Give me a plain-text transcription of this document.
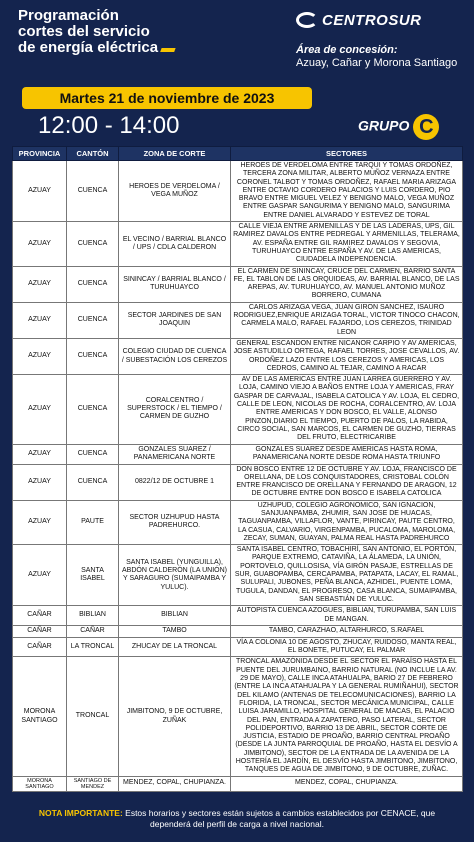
Programación
cortes del servicio
de energía eléctrica
CENTROSUR
Área de concesión:
Azuay, Cañar y Morona Santiago
Martes 21 de noviembre de 2023
12:00 - 14:00	GRUPO C
PROVINCIA	CANTÓN	ZONA DE CORTE	SECTORES
AZUAY	CUENCA	HEROES DE VERDELOMA / VEGA MUÑOZ	HEROES DE VERDELOMA ENTRE TARQUI Y TOMAS ORDOÑEZ, TERCERA ZONA MILITAR, ALBERTO MUÑOZ VERNAZA ENTRE CORONEL TALBOT Y TOMAS ORDOÑEZ, RAFAEL MARIA ARIZAGA ENTRE OCTAVIO CORDERO PALACIOS Y LUIS CORDERO, PIO BRAVO ENTRE MIGUEL VELEZ Y BENIGNO MALO, VEGA MUÑOZ ENTRE GASPAR SANGURIMA Y BENIGNO MALO, SANGURIMA ENTRE DANIEL ALVARADO Y ESTEVEZ DE TORAL
AZUAY	CUENCA	EL VECINO / BARRIAL BLANCO / UPS / CDLA CALDERON	CALLE VIEJA ENTRE ARMENILLAS Y DE LAS LADERAS, UPS, GIL RAMIREZ DAVALOS ENTRE PEDREGAL Y ARMENILLAS, TELERAMA, AV. ESPAÑA ENTRE GIL RAMIREZ DAVALOS Y SEGOVIA, TURUHUAYCO ENTRE ESPAÑA Y AV. DE LAS AMERICAS, CIUDADELA INDEPENDENCIA.
AZUAY	CUENCA	SININCAY / BARRIAL BLANCO / TURUHUAYCO	EL CARMEN DE SININCAY, CRUCE DEL CARMEN, BARRIO SANTA FE, EL TABLON DE LAS ORQUIDEAS, AV. BARRIAL BLANCO, DE LAS AREPAS, AV. TURUHUAYCO, AV. MANUEL ANTONIO MUÑOZ BORRERO, CUMANA
AZUAY	CUENCA	SECTOR JARDINES DE SAN JOAQUIN	CARLOS ARIZAGA VEGA, JUAN GIRON SANCHEZ, ISAURO RODRIGUEZ,ENRIQUE ARIZAGA TORAL, VICTOR TINOCO CHACON, CARMELA MALO, RAFAEL FAJARDO, LOS CEREZOS, TRINIDAD LEON
AZUAY	CUENCA	COLEGIO CIUDAD DE CUENCA / SUBESTACIÓN LOS CEREZOS	GENERAL ESCANDON ENTRE NICANOR CARPIO Y AV AMERICAS, JOSE ASTUDILLO ORTEGA, RAFAEL TORRES, JOSE CEVALLOS, AV. ORDOÑEZ LAZO ENTRE LOS CEREZOS Y AMERICAS, LOS CEDROS, CAMINO AL TEJAR, CAMINO A RACAR
AZUAY	CUENCA	CORALCENTRO / SUPERSTOCK / EL TIEMPO / CARMEN DE GUZHO	AV DE LAS AMERICAS ENTRE JUAN LARREA GUERRERO Y AV. LOJA, CAMINO VIEJO A BAÑOS ENTRE LOJA Y AMERICAS, FRAY GASPAR DE CARVAJAL, ISABELA CATOLICA Y AV. LOJA, EL CEDRO, CALLE DE LEON, NICOLAS DE ROCHA, CORALCENTRO, AV. LOJA ENTRE AMERICAS Y DON BOSCO, EL VALLE, ALONSO PINZON,DIARIO EL TIEMPO, PUERTO DE PALOS, LA RABIDA, CIRCO SOCIAL, SAN MARCOS, EL CARMEN DE GUZHO, TIERRAS DEL FRUTO, ELECTRICARIBE
AZUAY	CUENCA	GONZALES SUAREZ / PANAMERICANA NORTE	GONZALES SUAREZ DESDE AMERICAS HASTA ROMA, PANAMERICANA NORTE DESDE ROMA HASTA TRIUNFO
AZUAY	CUENCA	0822/12 DE OCTUBRE 1	DON BOSCO ENTRE 12 DE OCTUBRE Y AV. LOJA, FRANCISCO DE ORELLANA, DE LOS CONQUISTADORES, CRISTOBAL COLÓN ENTRE FRANCISCO DE ORELLANA Y FERNANDO DE ARAGON, 12 DE OCTUBRE ENTRE DON BOSCO E ISABELA CATOLICA
AZUAY	PAUTE	SECTOR UZHUPUD HASTA PADREHURCO.	UZHUPUD, COLEGIO AGRONOMICO, SAN IGNACION, SANJUANPAMBA, ZHUMIR, SAN JOSE DE HUACAS, TAGUANPAMBA, VILLAFLOR, VANTE, PIRINCAY, PAUTE CENTRO, LA CASUA, CALVARIO, VIRGENPAMBA, PUCALOMA, MAROLOMA, ZECAY, SUMAN, GUAYAN, PALMA REAL HASTA PADREHURCO
AZUAY	SANTA ISABEL	SANTA ISABEL (YUNGUILLA), ABDÓN CALDERÓN (LA UNIÓN) Y SARAGURO (SUMAIPAMBA Y YULUC).	SANTA ISABEL CENTRO, TOBACHIRÍ, SAN ANTONIO, EL PORTÓN, PARQUE EXTREMO, CATAVIÑA, LA ÁLAMEDA, LA UNIÓN, PORTOVELO, QUILLOSISA, VÍA GIRÓN PASAJE, ESTRELLAS DE SUR, GUABOPAMBA, CERCAPAMBA, PATAPATA, LACAY, EL RAMAL, SULUPALI, JUBONES, PEÑA BLANCA, AZHIDEL, PUENTE LOMA, TUGULA, DANDAN, EL PROGRESO, CASA BLANCA, SUMAIPAMBA, SAN SEBASTIÁN DE YULUC.
CAÑAR	BIBLIAN	BIBLIAN	AUTOPISTA CUENCA AZOGUES, BIBLIAN, TURUPAMBA, SAN LUIS DE MANGAN.
CAÑAR	CAÑAR	TAMBO	TAMBO, CARAZHAO, ALTARHURCO, S.RAFAEL
CAÑAR	LA TRONCAL	ZHUCAY DE LA TRONCAL	VÍA A COLONIA 10 DE AGOSTO, ZHUCAY, RUIDOSO, MANTA REAL, EL BONETE, PUTUCAY, EL PALMAR
MORONA SANTIAGO	TRONCAL	JIMBITONO, 9 DE OCTUBRE, ZUÑAK	TRONCAL AMAZÓNIDA DESDE EL SECTOR EL PARAÍSO HASTA EL PUENTE DEL JURUMBAINO, BARRIO NATURAL (NO INCLUE LA AV. 29 DE MAYO), CALLE INCA ATAHUALPA, BARIO 27 DE FEBRERO (ENTRE LA INCA ATAHUALPA Y LA GENERAL RUMIÑAHUI), SECTOR DEL KILAMO (ANTENAS DE TELECOMUNICACIONES), BARRIO LA FLORIDA, LA TRONCAL, SECTOR MECÁNICA MUNICIPAL, CALLE LUISA JARAMILLO, HOSPITAL GENERAL DE MACAS, EL PALACIO DEL PAN, ENTRADA A ZAPATERO, PASO LATERAL, SECTOR POLIDEPORTIVO, BARRIO 13 DE ABRIL, SECTOR CORTE DE JUSTICIA, ESTADIO DE PROAÑO, BARRIO CENTRAL PROAÑO (DESDE LA JUNTA PARROQUIAL DE PROAÑO, HASTA EL DESVÍO A JIMBITONO), SECTOR DE LA ENTRADA DE LA AVENIDA DE LA HOSTERÍA EL JARDÍN, EL DESVÍO HASTA JIMBITONO, JIMBITONO, TANQUES DE AGUA DE JIMBITONO, 9 DE OCTUBRE, ZUÑAC.
MORONA SANTIAGO	SANTIAGO DE MENDEZ	MENDEZ, COPAL, CHUPIANZA.	MENDEZ, COPAL, CHUPIANZA.
NOTA IMPORTANTE: Estos horarios y sectores están sujetos a cambios establecidos por CENACE, que dependerá del perfil de carga a nivel nacional.
